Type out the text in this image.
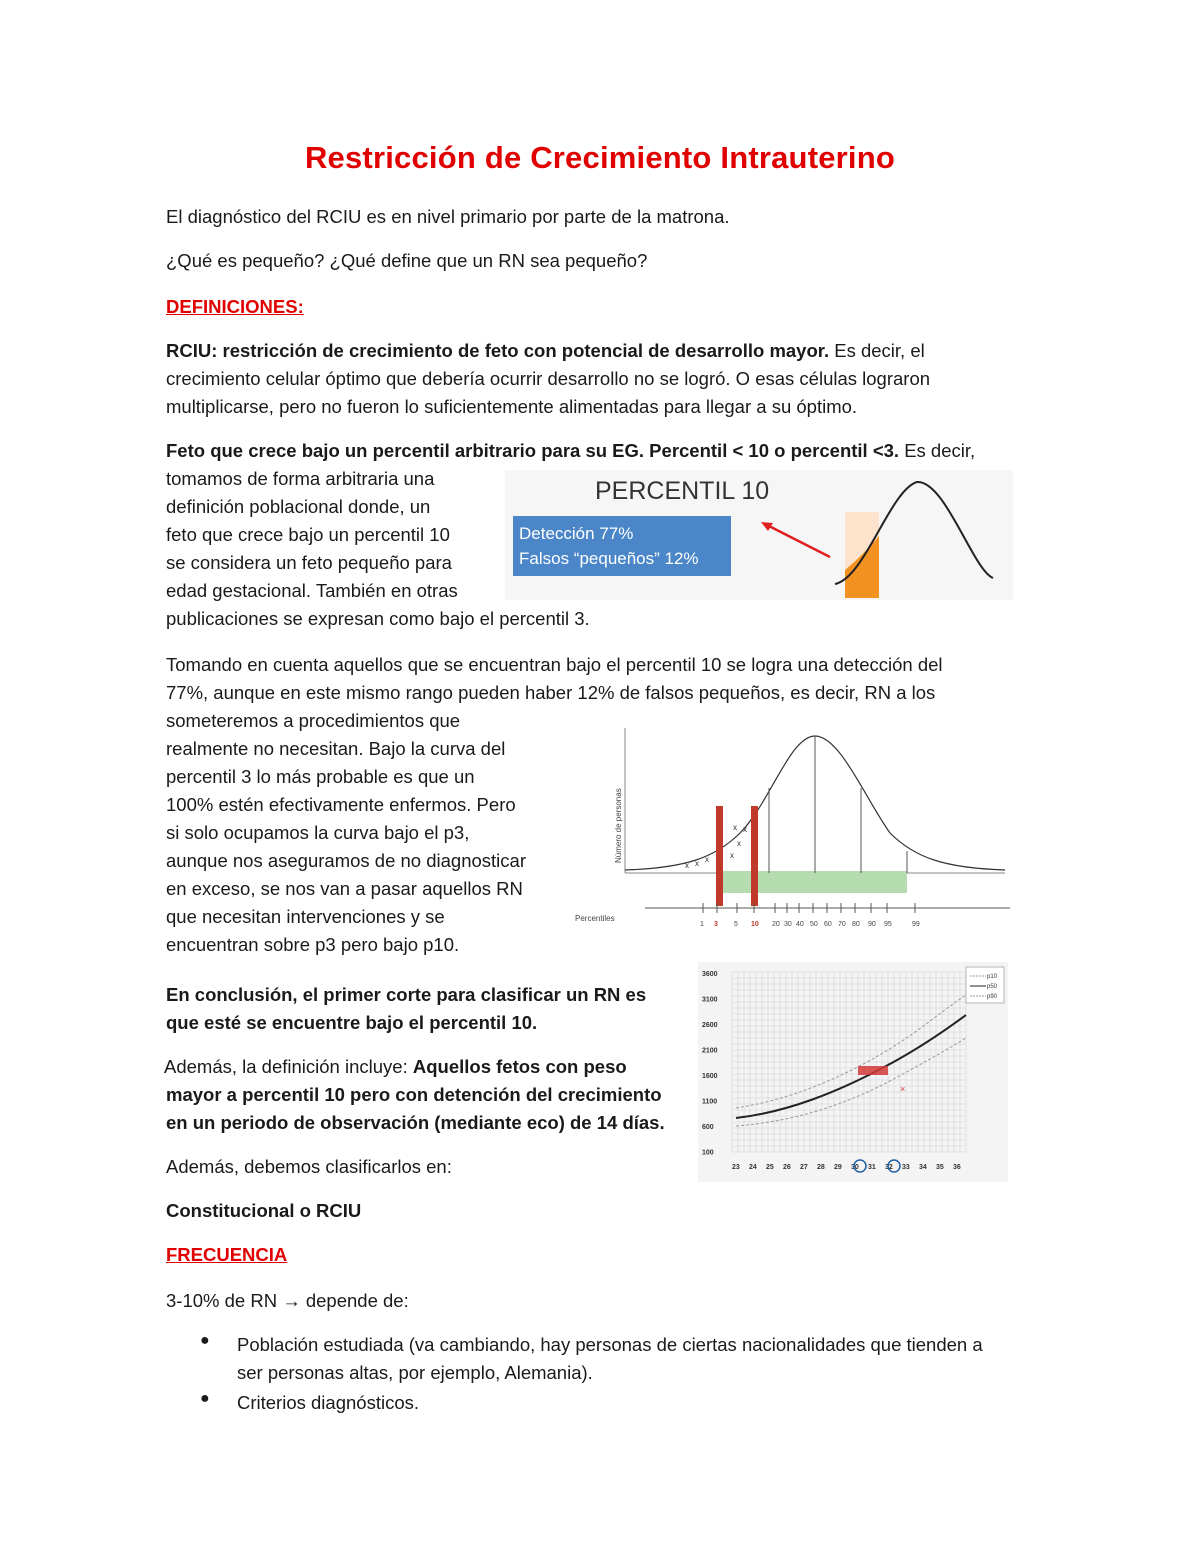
Restricción de Crecimiento Intrauterino
El diagnóstico del RCIU es en nivel primario por parte de la matrona.
¿Qué es pequeño? ¿Qué define que un RN sea pequeño?
DEFINICIONES:
RCIU: restricción de crecimiento de feto con potencial de desarrollo mayor. Es decir, el
crecimiento celular óptimo que debería ocurrir desarrollo no se logró. O esas células lograron
multiplicarse, pero no fueron lo suficientemente alimentadas para llegar a su óptimo.
Feto que crece bajo un percentil arbitrario para su EG. Percentil < 10 o percentil <3. Es decir,
tomamos de forma arbitraria una
definición poblacional donde, un
feto que crece bajo un percentil 10
se considera un feto pequeño para
edad gestacional. También en otras
publicaciones se expresan como bajo el percentil 3.
PERCENTIL 10
Detección 77%
Falsos “pequeños” 12%
Tomando en cuenta aquellos que se encuentran bajo el percentil 10 se logra una detección del
77%, aunque en este mismo rango pueden haber 12% de falsos pequeños, es decir, RN a los
someteremos a procedimientos que
realmente no necesitan. Bajo la curva del
percentil 3 lo más probable es que un
100% estén efectivamente enfermos. Pero
si solo ocupamos la curva bajo el p3,
aunque nos aseguramos de no diagnosticar
en exceso, se nos van a pasar aquellos RN
que necesitan intervenciones y se
encuentran sobre p3 pero bajo p10.
Número de personas
x x x	x
x
x
x
Percentiles
1 3 5 10 20 30 40 50 60 70 80 90 95	99
En conclusión, el primer corte para clasificar un RN es
que esté se encuentre bajo el percentil 10.
Además, la definición incluye: Aquellos fetos con peso
mayor a percentil 10 pero con detención del crecimiento
en un periodo de observación (mediante eco) de 14 días.
Además, debemos clasificarlos en:
Constitucional o RCIU
FRECUENCIA
3-10% de RN → depende de:
● Población estudiada (va cambiando, hay personas de ciertas nacionalidades que tienden a
ser personas altas, por ejemplo, Alemania).
● Criterios diagnósticos.
3600
3100
2600
2100
1600
1100
600
100
23 24 25 26 27 28 29 30 31 32 33 34 35 36
×
p10
p50
p90
